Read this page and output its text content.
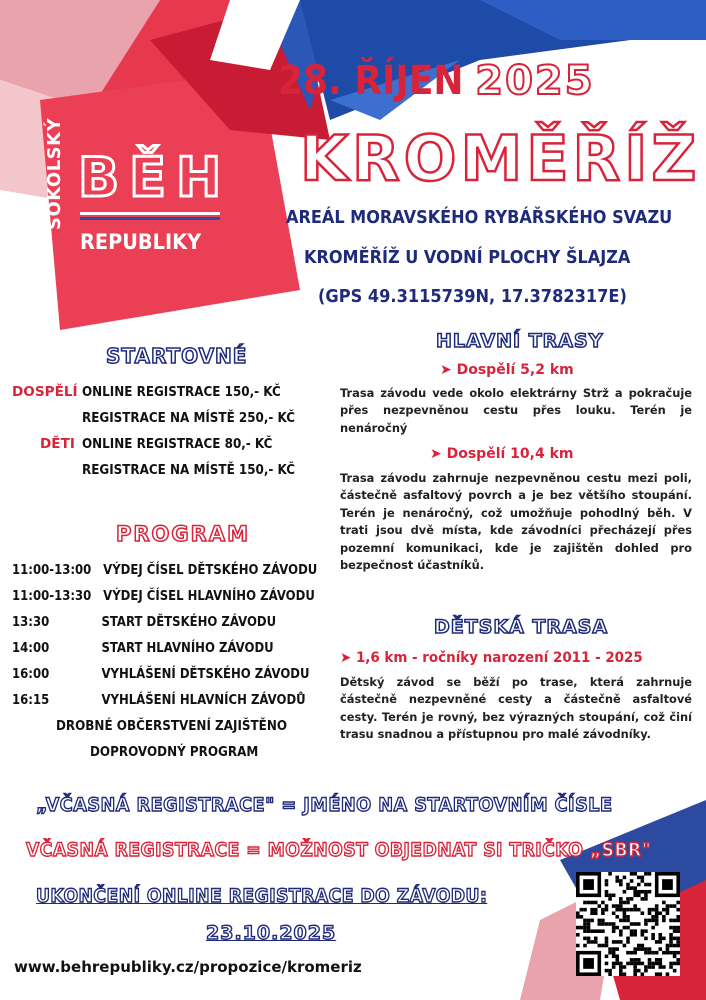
SOKOLSKÝ BĚH
REPUBLIKY
28. ŘÍJEN 2025
KROMĚŘÍŽ
AREÁL MORAVSKÉHO RYBÁŘSKÉHO SVAZU
KROMĚŘÍŽ U VODNÍ PLOCHY ŠLAJZA
(GPS 49.3115739N, 17.3782317E)
STARTOVNÉ
DOSPĚLÍ ONLINE REGISTRACE 150,- KČ
REGISTRACE NA MÍSTĚ 250,- KČ
DĚTI ONLINE REGISTRACE 80,- KČ
REGISTRACE NA MÍSTĚ 150,- KČ
PROGRAM
11:00-13:00 VÝDEJ ČÍSEL DĚTSKÉHO ZÁVODU
11:00-13:30 VÝDEJ ČÍSEL HLAVNÍHO ZÁVODU
13:30	START DĚTSKÉHO ZÁVODU
14:00	START HLAVNÍHO ZÁVODU
16:00	VYHLÁŠENÍ DĚTSKÉHO ZÁVODU
16:15	VYHLÁŠENÍ HLAVNÍCH ZÁVODŮ
DROBNÉ OBČERSTVENÍ ZAJIŠTĚNO
DOPROVODNÝ PROGRAM
HLAVNÍ TRASY
➤ Dospělí 5,2 km
Trasa závodu vede okolo elektrárny Strž a pokračuje přes nezpevněnou cestu přes louku. Terén je nenáročný
➤ Dospělí 10,4 km
Trasa závodu zahrnuje nezpevněnou cestu mezi poli, částečně asfaltový povrch a je bez většího stoupání. Terén je nenáročný, což umožňuje pohodlný běh. V trati jsou dvě místa, kde závodníci přecházejí přes pozemní komunikaci, kde je zajištěn dohled pro bezpečnost účastníků.
DĚTSKÁ TRASA
➤ 1,6 km - ročníky narození 2011 - 2025
Dětský závod se běží po trase, která zahrnuje částečně nezpevněné cesty a částečně asfaltové cesty. Terén je rovný, bez výrazných stoupání, což činí trasu snadnou a přístupnou pro malé závodníky.
„VČASNÁ REGISTRACE" = JMÉNO NA STARTOVNÍM ČÍSLE
VČASNÁ REGISTRACE = MOŽNOST OBJEDNAT SI TRIČKO „SBR"
UKONČENÍ ONLINE REGISTRACE DO ZÁVODU:
23.10.2025
www.behrepubliky.cz/propozice/kromeriz
